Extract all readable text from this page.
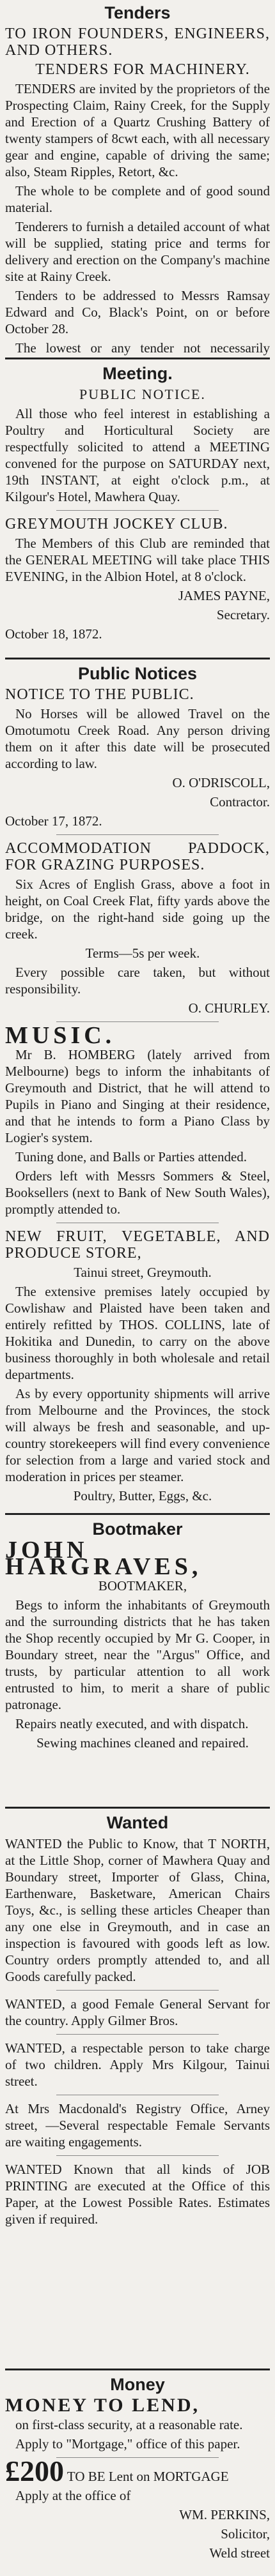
Tenders

TO IRON FOUNDERS, ENGINEERS, AND OTHERS.

TENDERS FOR MACHINERY.

TENDERS are invited by the proprietors of the Prospecting Claim, Rainy Creek, for the Supply and Erection of a Quartz Crushing Battery of twenty stampers of 8cwt each, with all necessary gear and engine, capable of driving the same; also, Steam Ripples, Retort, &c.

The whole to be complete and of good sound material.

Tenderers to furnish a detailed account of what will be supplied, stating price and terms for delivery and erection on the Company's machine site at Rainy Creek.

Tenders to be addressed to Messrs Ramsay Edward and Co, Black's Point, on or before October 28.

The lowest or any tender not necessarily

Meeting.

PUBLIC NOTICE.

All those who feel interest in establishing a Poultry and Horticultural Society are respectfully solicited to attend a MEETING convened for the purpose on SATURDAY next, 19th INSTANT, at eight o'clock p.m., at Kilgour's Hotel, Mawhera Quay.

GREYMOUTH JOCKEY CLUB.

The Members of this Club are reminded that the GENERAL MEETING will take place THIS EVENING, in the Albion Hotel, at 8 o'clock.

JAMES PAYNE,

Secretary.

October 18, 1872.

Public Notices

NOTICE TO THE PUBLIC.

No Horses will be allowed Travel on the Omotumotu Creek Road. Any person driving them on it after this date will be prosecuted according to law.

O. O'DRISCOLL,

Contractor.

October 17, 1872.

ACCOMMODATION PADDOCK, FOR GRAZING PURPOSES.

Six Acres of English Grass, above a foot in height, on Coal Creek Flat, fifty yards above the bridge, on the right-hand side going up the creek.

Terms—5s per week.

Every possible care taken, but without responsibility.

O. CHURLEY.

MUSIC.

Mr B. HOMBERG (lately arrived from Melbourne) begs to inform the inhabitants of Greymouth and District, that he will attend to Pupils in Piano and Singing at their residence, and that he intends to form a Piano Class by Logier's system.

Tuning done, and Balls or Parties attended.

Orders left with Messrs Sommers & Steel, Booksellers (next to Bank of New South Wales), promptly attended to.

NEW FRUIT, VEGETABLE, AND PRODUCE STORE,

Tainui street, Greymouth.

The extensive premises lately occupied by Cowlishaw and Plaisted have been taken and entirely refitted by THOS. COLLINS, late of Hokitika and Dunedin, to carry on the above business thoroughly in both wholesale and retail departments.

As by every opportunity shipments will arrive from Melbourne and the Provinces, the stock will always be fresh and seasonable, and up-country storekeepers will find every convenience for selection from a large and varied stock and moderation in prices per steamer.

Poultry, Butter, Eggs, &c.

Bootmaker

JOHN HARGRAVES,

BOOTMAKER,

Begs to inform the inhabitants of Greymouth and the surrounding districts that he has taken the Shop recently occupied by Mr G. Cooper, in Boundary street, near the "Argus" Office, and trusts, by particular attention to all work entrusted to him, to merit a share of public patronage.

Repairs neatly executed, and with dispatch.

Sewing machines cleaned and repaired.

Wanted

WANTED the Public to Know, that T NORTH, at the Little Shop, corner of Mawhera Quay and Boundary street, Importer of Glass, China, Earthenware, Basketware, American Chairs Toys, &c., is selling these articles Cheaper than any one else in Greymouth, and in case an inspection is favoured with goods left as low. Country orders promptly attended to, and all Goods carefully packed.

WANTED, a good Female General Servant for the country. Apply Gilmer Bros.

WANTED, a respectable person to take charge of two children. Apply Mrs Kilgour, Tainui street.

At Mrs Macdonald's Registry Office, Arney street, —Several respectable Female Servants are waiting engagements.

WANTED Known that all kinds of JOB PRINTING are executed at the Office of this Paper, at the Lowest Possible Rates. Estimates given if required.

Money

MONEY TO LEND,

on first-class security, at a reasonable rate.

Apply to "Mortgage," office of this paper.

£200 TO BE Lent on MORTGAGE

Apply at the office of

WM. PERKINS,

Solicitor,

Weld street
